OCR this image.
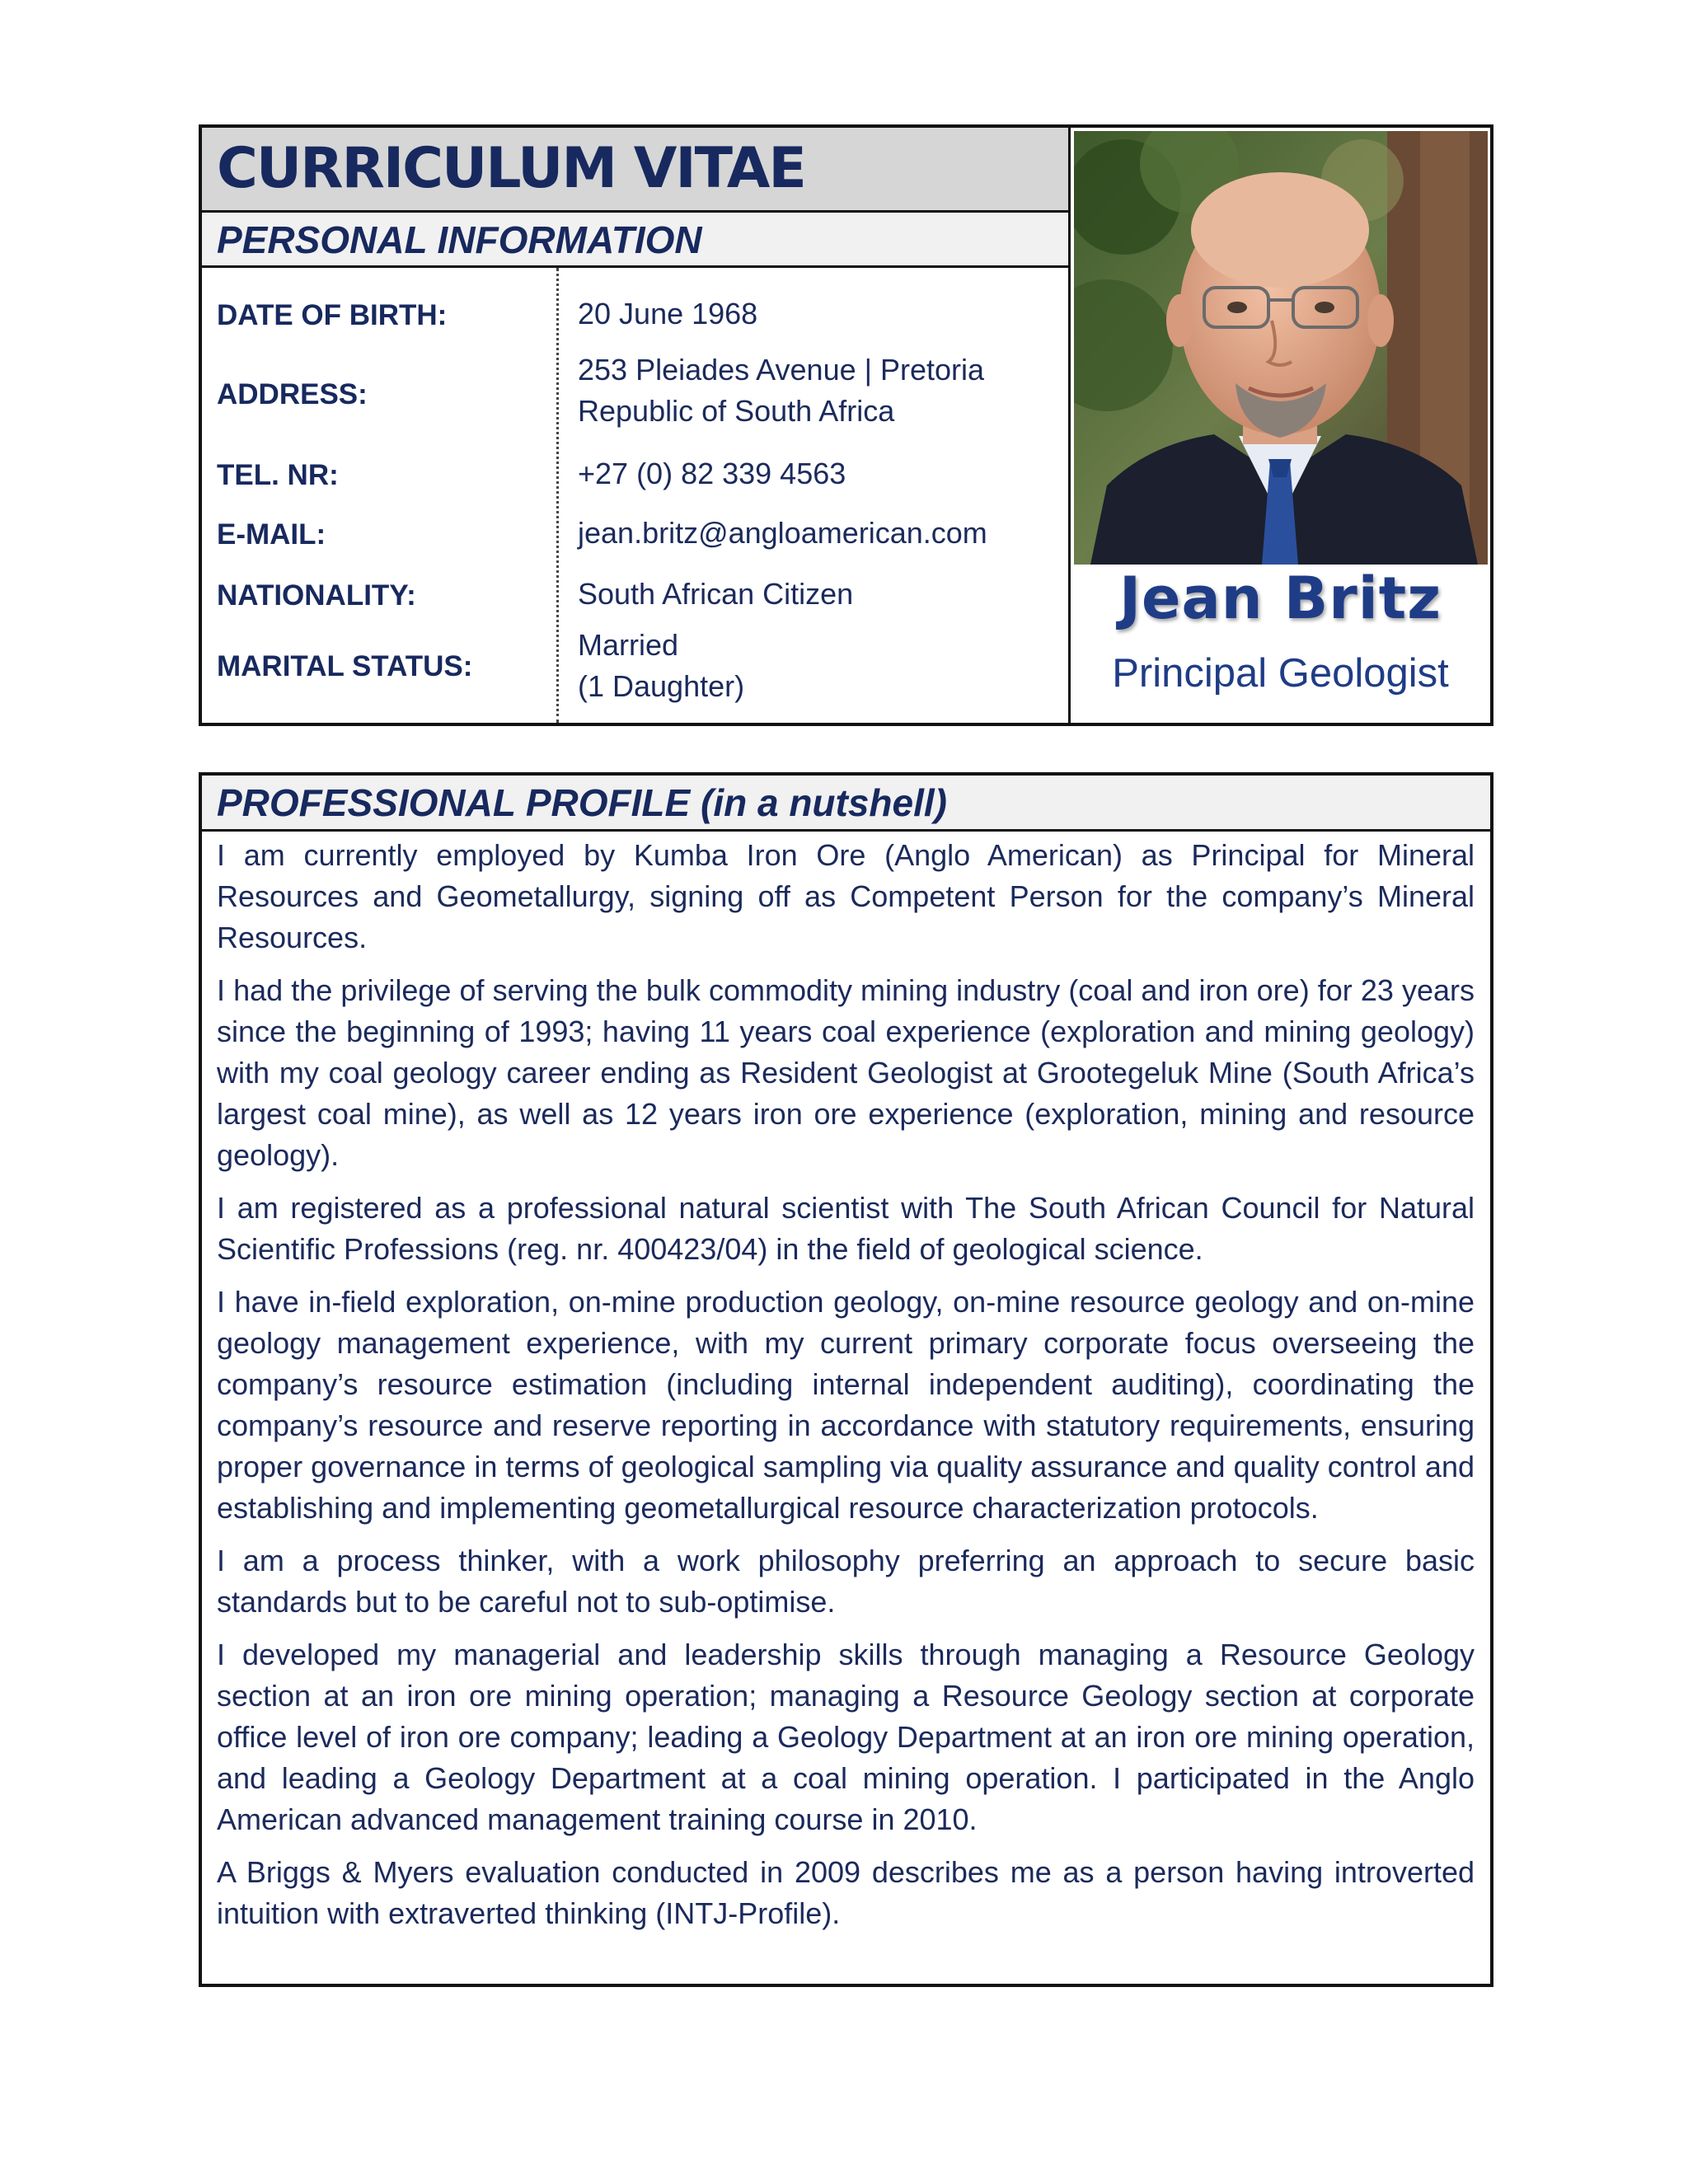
CURRICULUM VITAE
PERSONAL INFORMATION
DATE OF BIRTH:	20 June 1968
ADDRESS:
253 Pleiades Avenue | Pretoria
Republic of South Africa
TEL. NR:	+27 (0) 82 339 4563
E-MAIL:	jean.britz@angloamerican.com
NATIONALITY:	South African Citizen
MARITAL STATUS:
Married
(1 Daughter)
Jean Britz
Principal Geologist
PROFESSIONAL PROFILE (in a nutshell)

I am currently employed by Kumba Iron Ore (Anglo American) as Principal for Mineral Resources and Geometallurgy, signing off as Competent Person for the company’s Mineral Resources.

I had the privilege of serving the bulk commodity mining industry (coal and iron ore) for 23 years since the beginning of 1993; having 11 years coal experience (exploration and mining geology) with my coal geology career ending as Resident Geologist at Grootegeluk Mine (South Africa’s largest coal mine), as well as 12 years iron ore experience (exploration, mining and resource geology).

I am registered as a professional natural scientist with The South African Council for Natural Scientific Professions (reg. nr. 400423/04) in the field of geological science.

I have in-field exploration, on-mine production geology, on-mine resource geology and on-mine geology management experience, with my current primary corporate focus overseeing the company’s resource estimation (including internal independent auditing), coordinating the company’s resource and reserve reporting in accordance with statutory requirements, ensuring proper governance in terms of geological sampling via quality assurance and quality control and establishing and implementing geometallurgical resource characterization protocols.

I am a process thinker, with a work philosophy preferring an approach to secure basic standards but to be careful not to sub-optimise.

I developed my managerial and leadership skills through managing a Resource Geology section at an iron ore mining operation; managing a Resource Geology section at corporate office level of iron ore company; leading a Geology Department at an iron ore mining operation, and leading a Geology Department at a coal mining operation. I participated in the Anglo American advanced management training course in 2010.

A Briggs & Myers evaluation conducted in 2009 describes me as a person having introverted intuition with extraverted thinking (INTJ-Profile).
